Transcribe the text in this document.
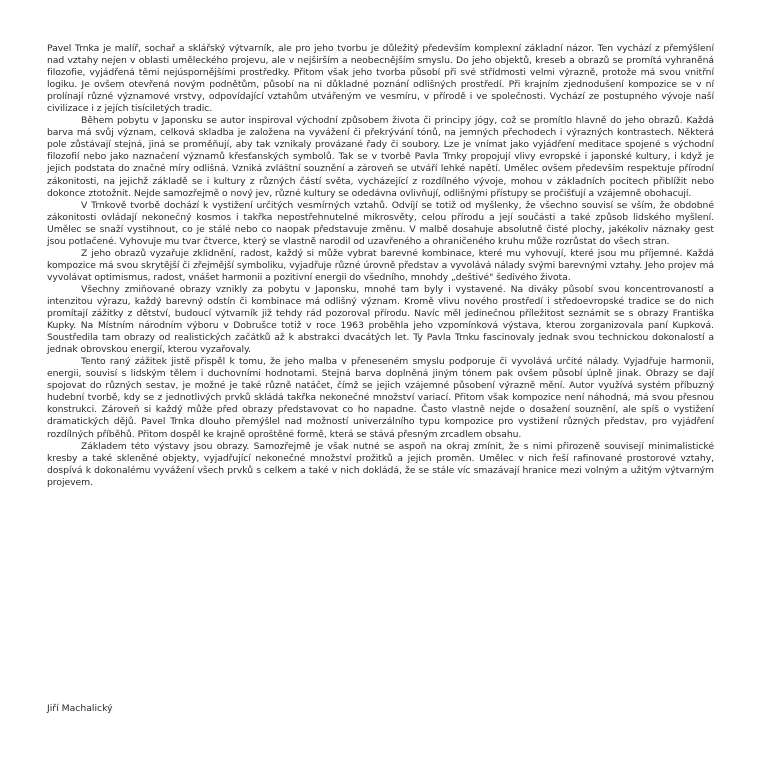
Pavel Trnka je malíř, sochař a sklářský výtvarník, ale pro jeho tvorbu je důležitý především komplexní základní názor. Ten vychází z přemýšlení nad vztahy nejen v oblasti uměleckého projevu, ale v nejširším a neobecnějším smyslu. Do jeho objektů, kreseb a obrazů se promítá vyhraněná filozofie, vyjádřená těmi nejúspornějšími prostředky. Přitom však jeho tvorba působí při své střídmosti velmi výrazně, protože má svou vnitřní logiku. Je ovšem otevřená novým podnětům, působí na ni důkladné poznání odlišných prostředí. Při krajním zjednodušení kompozice se v ní prolínají různé významové vrstvy, odpovídající vztahům utvářeným ve vesmíru, v přírodě i ve společnosti. Vychází ze postupného vývoje naší civilizace i z jejích tisíciletých tradic.

Během pobytu v Japonsku se autor inspiroval východní způsobem života či principy jógy, což se promítlo hlavně do jeho obrazů. Každá barva má svůj význam, celková skladba je založena na vyvážení či překrývání tónů, na jemných přechodech i výrazných kontrastech. Některá pole zůstávají stejná, jiná se proměňují, aby tak vznikaly provázané řady či soubory. Lze je vnímat jako vyjádření meditace spojené s východní filozofií nebo jako naznačení významů křesťanských symbolů. Tak se v tvorbě Pavla Trnky propojují vlivy evropské i japonské kultury, i když je jejich podstata do značné míry odlišná. Vzniká zvláštní souznění a zároveň se utváří lehké napětí. Umělec ovšem především respektuje přírodní zákonitosti, na jejichž základě se i kultury z různých částí světa, vycházející z rozdílného vývoje, mohou v základních pocitech přiblížit nebo dokonce ztotožnit. Nejde samozřejmě o nový jev, různé kultury se odedávna ovlivňují, odlišnými přístupy se pročišťují a vzájemně obohacují.

V Trnkově tvorbě dochází k vystižení určitých vesmírných vztahů. Odvíjí se totiž od myšlenky, že všechno souvisí se vším, že obdobné zákonitosti ovládají nekonečný kosmos i takřka nepostřehnutelné mikrosvěty, celou přírodu a její součásti a také způsob lidského myšlení. Umělec se snaží vystihnout, co je stálé nebo co naopak představuje změnu. V malbě dosahuje absolutně čisté plochy, jakékoliv náznaky gest jsou potlačené. Vyhovuje mu tvar čtverce, který se vlastně narodil od uzavřeného a ohraničeného kruhu může rozrůstat do všech stran.

Z jeho obrazů vyzařuje zklidnění, radost, každý si může vybrat barevné kombinace, které mu vyhovují, které jsou mu příjemné. Každá kompozice má svou skrytější či zřejmější symboliku, vyjadřuje různé úrovně představ a vyvolává nálady svými barevnými vztahy. Jeho projev má vyvolávat optimismus, radost, vnášet harmonii a pozitivní energii do všedního, mnohdy „deštivé" šedivého života.

Všechny zmiňované obrazy vznikly za pobytu v Japonsku, mnohé tam byly i vystavené. Na diváky působí svou koncentrovaností a intenzitou výrazu, každý barevný odstín či kombinace má odlišný význam. Kromě vlivu nového prostředí i středoevropské tradice se do nich promítají zážitky z dětství, budoucí výtvarník již tehdy rád pozoroval přírodu. Navíc měl jedinečnou příležitost seznámit se s obrazy Františka Kupky. Na Místním národním výboru v Dobrušce totiž v roce 1963 proběhla jeho vzpomínková výstava, kterou zorganizovala paní Kupková. Soustředila tam obrazy od realistických začátků až k abstrakci dvacátých let. Ty Pavla Trnku fascinovaly jednak svou technickou dokonalostí a jednak obrovskou energií, kterou vyzařovaly.

Tento raný zážitek jistě přispěl k tomu, že jeho malba v přeneseném smyslu podporuje či vyvolává určité nálady. Vyjadřuje harmonii, energii, souvisí s lidským tělem i duchovními hodnotami. Stejná barva doplněná jiným tónem pak ovšem působí úplně jinak. Obrazy se dají spojovat do různých sestav, je možné je také různě natáčet, čímž se jejich vzájemné působení výrazně mění. Autor využívá systém příbuzný hudební tvorbě, kdy se z jednotlivých prvků skládá takřka nekonečné množství variací. Přitom však kompozice není náhodná, má svou přesnou konstrukci. Zároveň si každý může před obrazy představovat co ho napadne. Často vlastně nejde o dosažení souznění, ale spíš o vystižení dramatických dějů. Pavel Trnka dlouho přemýšlel nad možností univerzálního typu kompozice pro vystižení různých představ, pro vyjádření rozdílných příběhů. Přitom dospěl ke krajně oproštěné formě, která se stává přesným zrcadlem obsahu.

Základem této výstavy jsou obrazy. Samozřejmě je však nutné se aspoň na okraj zmínit, že s nimi přirozeně souvisejí minimalistické kresby a také skleněné objekty, vyjadřující nekonečné množství prožitků a jejich proměn. Umělec v nich řeší rafinované prostorové vztahy, dospívá k dokonalému vyvážení všech prvků s celkem a také v nich dokládá, že se stále víc smazávají hranice mezi volným a užitým výtvarným projevem.

Jiří Machalický
